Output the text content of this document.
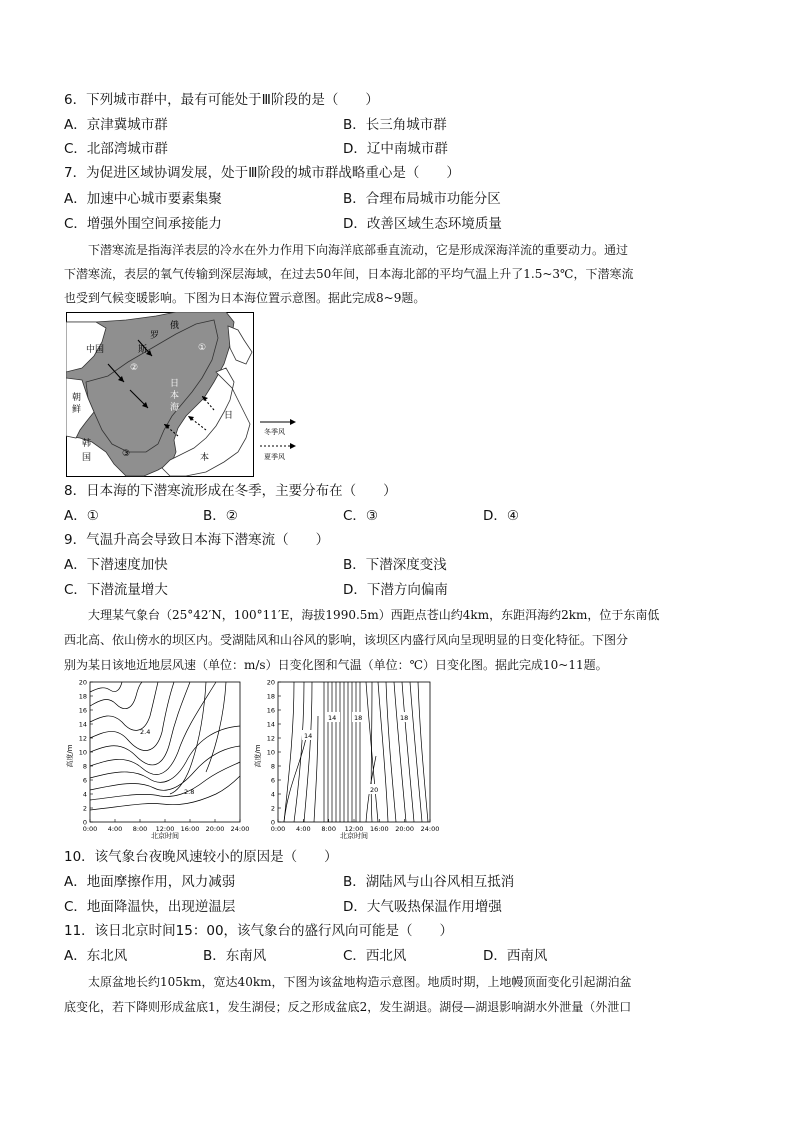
6．下列城市群中，最有可能处于Ⅲ阶段的是（　　）
A．京津冀城市群	B．长三角城市群
C．北部湾城市群	D．辽中南城市群
7．为促进区域协调发展，处于Ⅲ阶段的城市群战略重心是（　　）
A．加速中心城市要素集聚	B．合理布局城市功能分区
C．增强外围空间承接能力	D．改善区域生态环境质量
　　下潜寒流是指海洋表层的冷水在外力作用下向海洋底部垂直流动，它是形成深海洋流的重要动力。通过
下潜寒流，表层的氧气传输到深层海域，在过去50年间，日本海北部的平均气温上升了1.5~3℃，下潜寒流
也受到气候变暖影响。下图为日本海位置示意图。据此完成8~9题。
俄
罗
斯
中国
朝
鲜
韩
国
日
本
海
日
本
①
②
③
④
冬季风
夏季风
8．日本海的下潜寒流形成在冬季，主要分布在（　　）
A．①	B．②	C．③	D．④
9．气温升高会导致日本海下潜寒流（　　）
A．下潜速度加快	B．下潜深度变浅
C．下潜流量增大	D．下潜方向偏南
　　大理某气象台（25°42′N，100°11′E，海拔1990.5m）西距点苍山约4km，东距洱海约2km，位于东南低
西北高、依山傍水的坝区内。受湖陆风和山谷风的影响，该坝区内盛行风向呈现明显的日变化特征。下图分
别为某日该地近地层风速（单位：m/s）日变化图和气温（单位：℃）日变化图。据此完成10~11题。
0
2
4
6
8
10
12
14
16
18
20
0:00 4:00 8:00 12:00 16:00 20:00 24:00
高度/m
北京时间
2.4
2.8
0
2
4
6
8
10
12
14
16
18
20
0:00 4:00 8:00 12:00 16:00 20:00 24:00
高度/m
北京时间
14
14
18	18
20
10．该气象台夜晚风速较小的原因是（　　）
A．地面摩擦作用，风力减弱	B．湖陆风与山谷风相互抵消
C．地面降温快，出现逆温层	D．大气吸热保温作用增强
11．该日北京时间15：00，该气象台的盛行风向可能是（　　）
A．东北风	B．东南风	C．西北风	D．西南风
　　太原盆地长约105km，宽达40km，下图为该盆地构造示意图。地质时期，上地幔顶面变化引起湖泊盆
底变化，若下降则形成盆底1，发生湖侵；反之形成盆底2，发生湖退。湖侵—湖退影响湖水外泄量（外泄口
